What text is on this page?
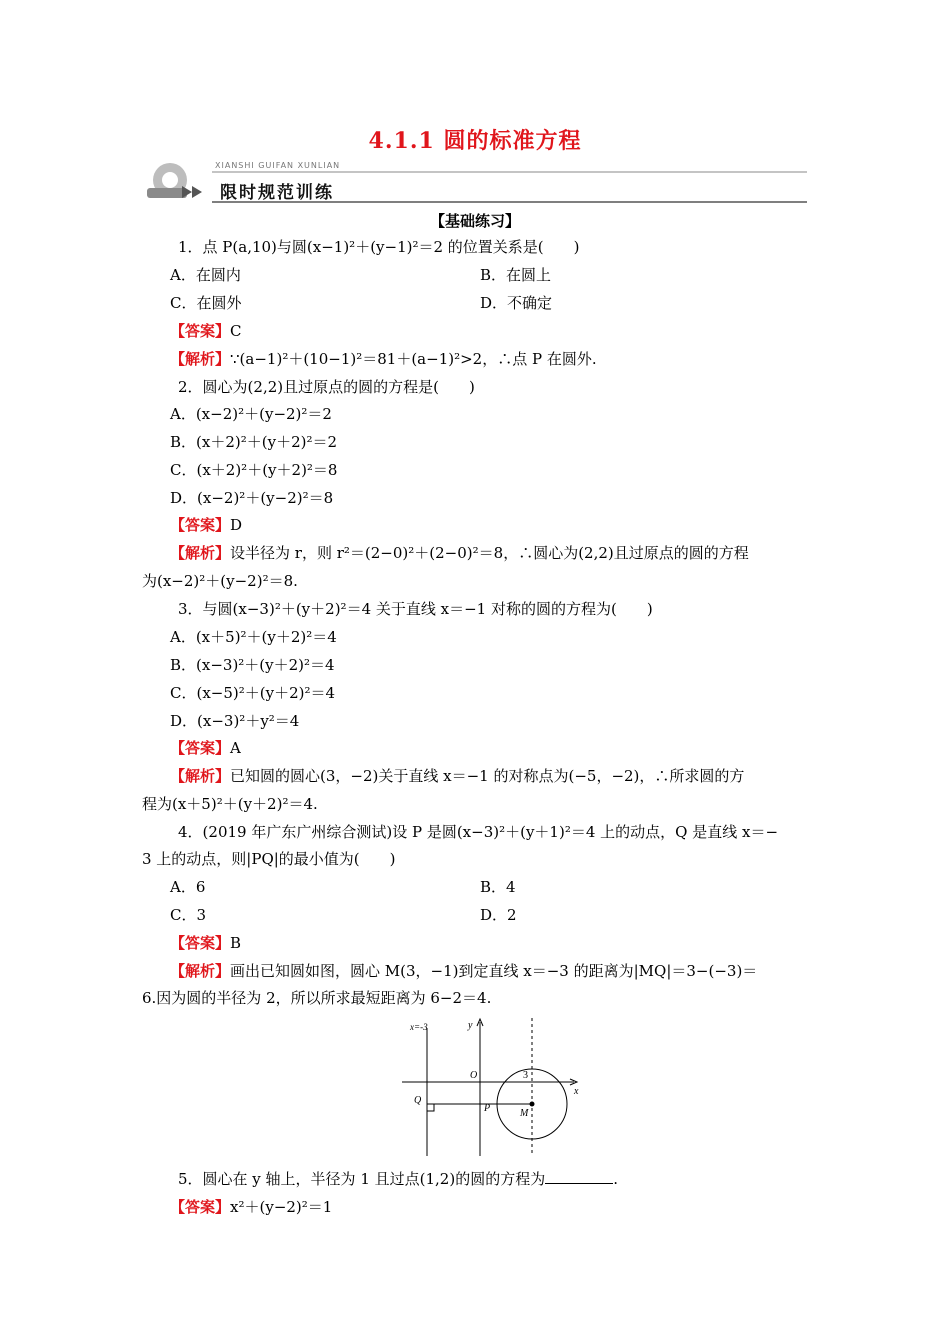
4.1.1 圆的标准方程
XIANSHI GUIFAN XUNLIAN
限时规范训练
【基础练习】
1．点 P(a,10)与圆(x−1)²＋(y−1)²＝2 的位置关系是(　　)
A．在圆内	B．在圆上
C．在圆外	D．不确定
【答案】C
【解析】∵(a−1)²＋(10−1)²＝81＋(a−1)²>2，∴点 P 在圆外.
2．圆心为(2,2)且过原点的圆的方程是(　　)
A．(x−2)²＋(y−2)²＝2
B．(x＋2)²＋(y＋2)²＝2
C．(x＋2)²＋(y＋2)²＝8
D．(x−2)²＋(y−2)²＝8
【答案】D
【解析】设半径为 r，则 r²＝(2−0)²＋(2−0)²＝8，∴圆心为(2,2)且过原点的圆的方程
为(x−2)²＋(y−2)²＝8.
3．与圆(x−3)²＋(y＋2)²＝4 关于直线 x＝−1 对称的圆的方程为(　　)
A．(x＋5)²＋(y＋2)²＝4
B．(x−3)²＋(y＋2)²＝4
C．(x−5)²＋(y＋2)²＝4
D．(x−3)²＋y²＝4
【答案】A
【解析】已知圆的圆心(3，−2)关于直线 x＝−1 的对称点为(−5，−2)，∴所求圆的方
程为(x＋5)²＋(y＋2)²＝4.
4．(2019 年广东广州综合测试)设 P 是圆(x−3)²＋(y＋1)²＝4 上的动点，Q 是直线 x＝−
3 上的动点，则|PQ|的最小值为(　　)
A．6	B．4
C．3	D．2
【答案】B
【解析】画出已知圆如图，圆心 M(3，−1)到定直线 x＝−3 的距离为|MQ|＝3−(−3)＝
6.因为圆的半径为 2，所以所求最短距离为 6−2＝4.
x=-3	y
x
O	3
Q
P	M
5．圆心在 y 轴上，半径为 1 且过点(1,2)的圆的方程为	.
【答案】x²＋(y−2)²＝1
